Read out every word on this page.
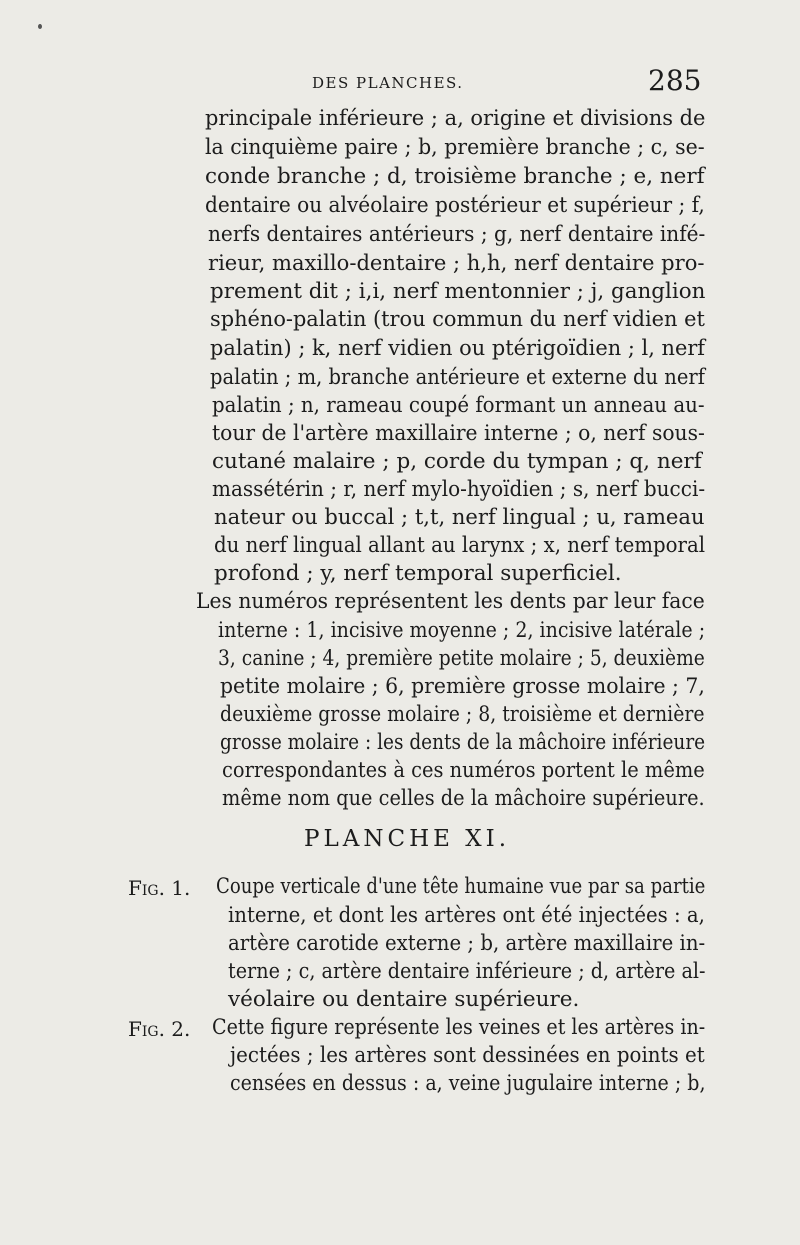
DES PLANCHES.	285
principale inférieure ; a, origine et divisions de
la cinquième paire ; b, première branche ; c, se-
conde branche ; d, troisième branche ; e, nerf
dentaire ou alvéolaire postérieur et supérieur ; f,
nerfs dentaires antérieurs ; g, nerf dentaire infé-
rieur, maxillo-dentaire ; h,h, nerf dentaire pro-
prement dit ; i,i, nerf mentonnier ; j, ganglion
sphéno-palatin (trou commun du nerf vidien et
palatin) ; k, nerf vidien ou ptérigoïdien ; l, nerf
palatin ; m, branche antérieure et externe du nerf
palatin ; n, rameau coupé formant un anneau au-
tour de l'artère maxillaire interne ; o, nerf sous-
cutané malaire ; p, corde du tympan ; q, nerf
massétérin ; r, nerf mylo-hyoïdien ; s, nerf bucci-
nateur ou buccal ; t,t, nerf lingual ; u, rameau
du nerf lingual allant au larynx ; x, nerf temporal
profond ; y, nerf temporal superficiel.
Les numéros représentent les dents par leur face
interne : 1, incisive moyenne ; 2, incisive latérale ;
3, canine ; 4, première petite molaire ; 5, deuxième
petite molaire ; 6, première grosse molaire ; 7,
deuxième grosse molaire ; 8, troisième et dernière
grosse molaire : les dents de la mâchoire inférieure
correspondantes à ces numéros portent le même
même nom que celles de la mâchoire supérieure.
PLANCHE XI.
Fig. 1. Coupe verticale d'une tête humaine vue par sa partie
interne, et dont les artères ont été injectées : a,
artère carotide externe ; b, artère maxillaire in-
terne ; c, artère dentaire inférieure ; d, artère al-
véolaire ou dentaire supérieure.
Fig. 2. Cette figure représente les veines et les artères in-
jectées ; les artères sont dessinées en points et
censées en dessus : a, veine jugulaire interne ; b,
